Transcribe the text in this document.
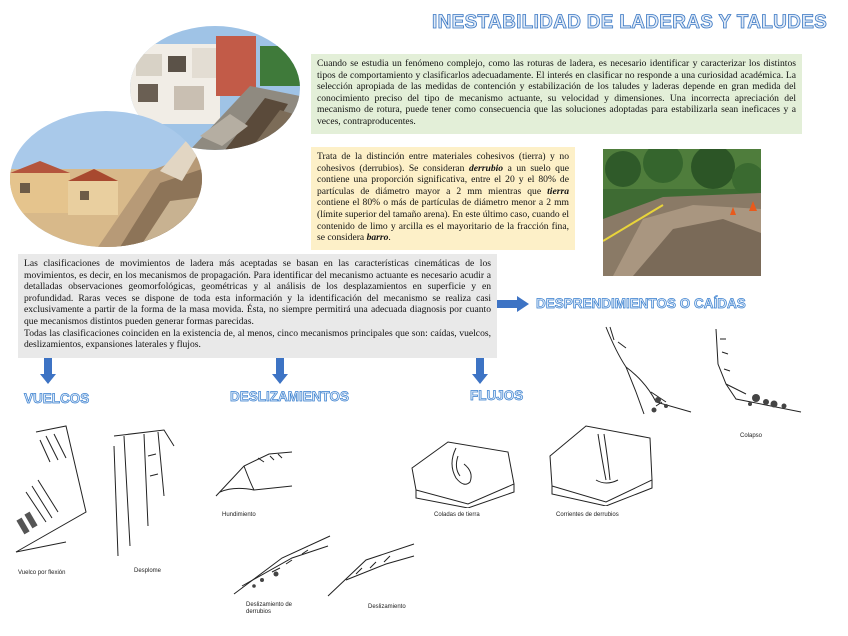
INESTABILIDAD DE LADERAS Y TALUDES

Cuando se estudia un fenómeno complejo, como las roturas de ladera, es necesario identificar y caracterizar los distintos tipos de comportamiento y clasificarlos adecuadamente. El interés en clasificar no responde a una curiosidad académica. La selección apropiada de las medidas de contención y estabilización de los taludes y laderas depende en gran medida del conocimiento preciso del tipo de mecanismo actuante, su velocidad y dimensiones. Una incorrecta apreciación del mecanismo de rotura, puede tener como consecuencia que las soluciones adoptadas para estabilizarla sean ineficaces y a veces, contraproducentes.

Trata de la distinción entre materiales cohesivos (tierra) y no cohesivos (derrubios). Se consideran derrubio a un suelo que contiene una proporción significativa, entre el 20 y el 80% de partículas de diámetro mayor a 2 mm mientras que tierra contiene el 80% o más de partículas de diámetro menor a 2 mm (límite superior del tamaño arena). En este último caso, cuando el contenido de limo y arcilla es el mayoritario de la fracción fina, se considera barro.

Las clasificaciones de movimientos de ladera más aceptadas se basan en las características cinemáticas de los movimientos, es decir, en los mecanismos de propagación. Para identificar del mecanismo actuante es necesario acudir a detalladas observaciones geomorfológicas, geométricas y al análisis de los desplazamientos en superficie y en profundidad. Raras veces se dispone de toda esta información y la identificación del mecanismo se realiza casi exclusivamente a partir de la forma de la masa movida. Ésta, no siempre permitirá una adecuada diagnosis por cuanto que mecanismos distintos pueden generar formas parecidas.

Todas las clasificaciones coinciden en la existencia de, al menos, cinco mecanismos principales que son: caídas, vuelcos, deslizamientos, expansiones laterales y flujos.

DESPRENDIMIENTOS O CAÍDAS
VUELCOS	DESLIZAMIENTOS	FLUJOS
Colapso
Vuelco por flexión	Desplome
Hundimiento
Deslizamiento de derrubios
Deslizamiento
Coladas de tierra	Corrientes de derrubios
